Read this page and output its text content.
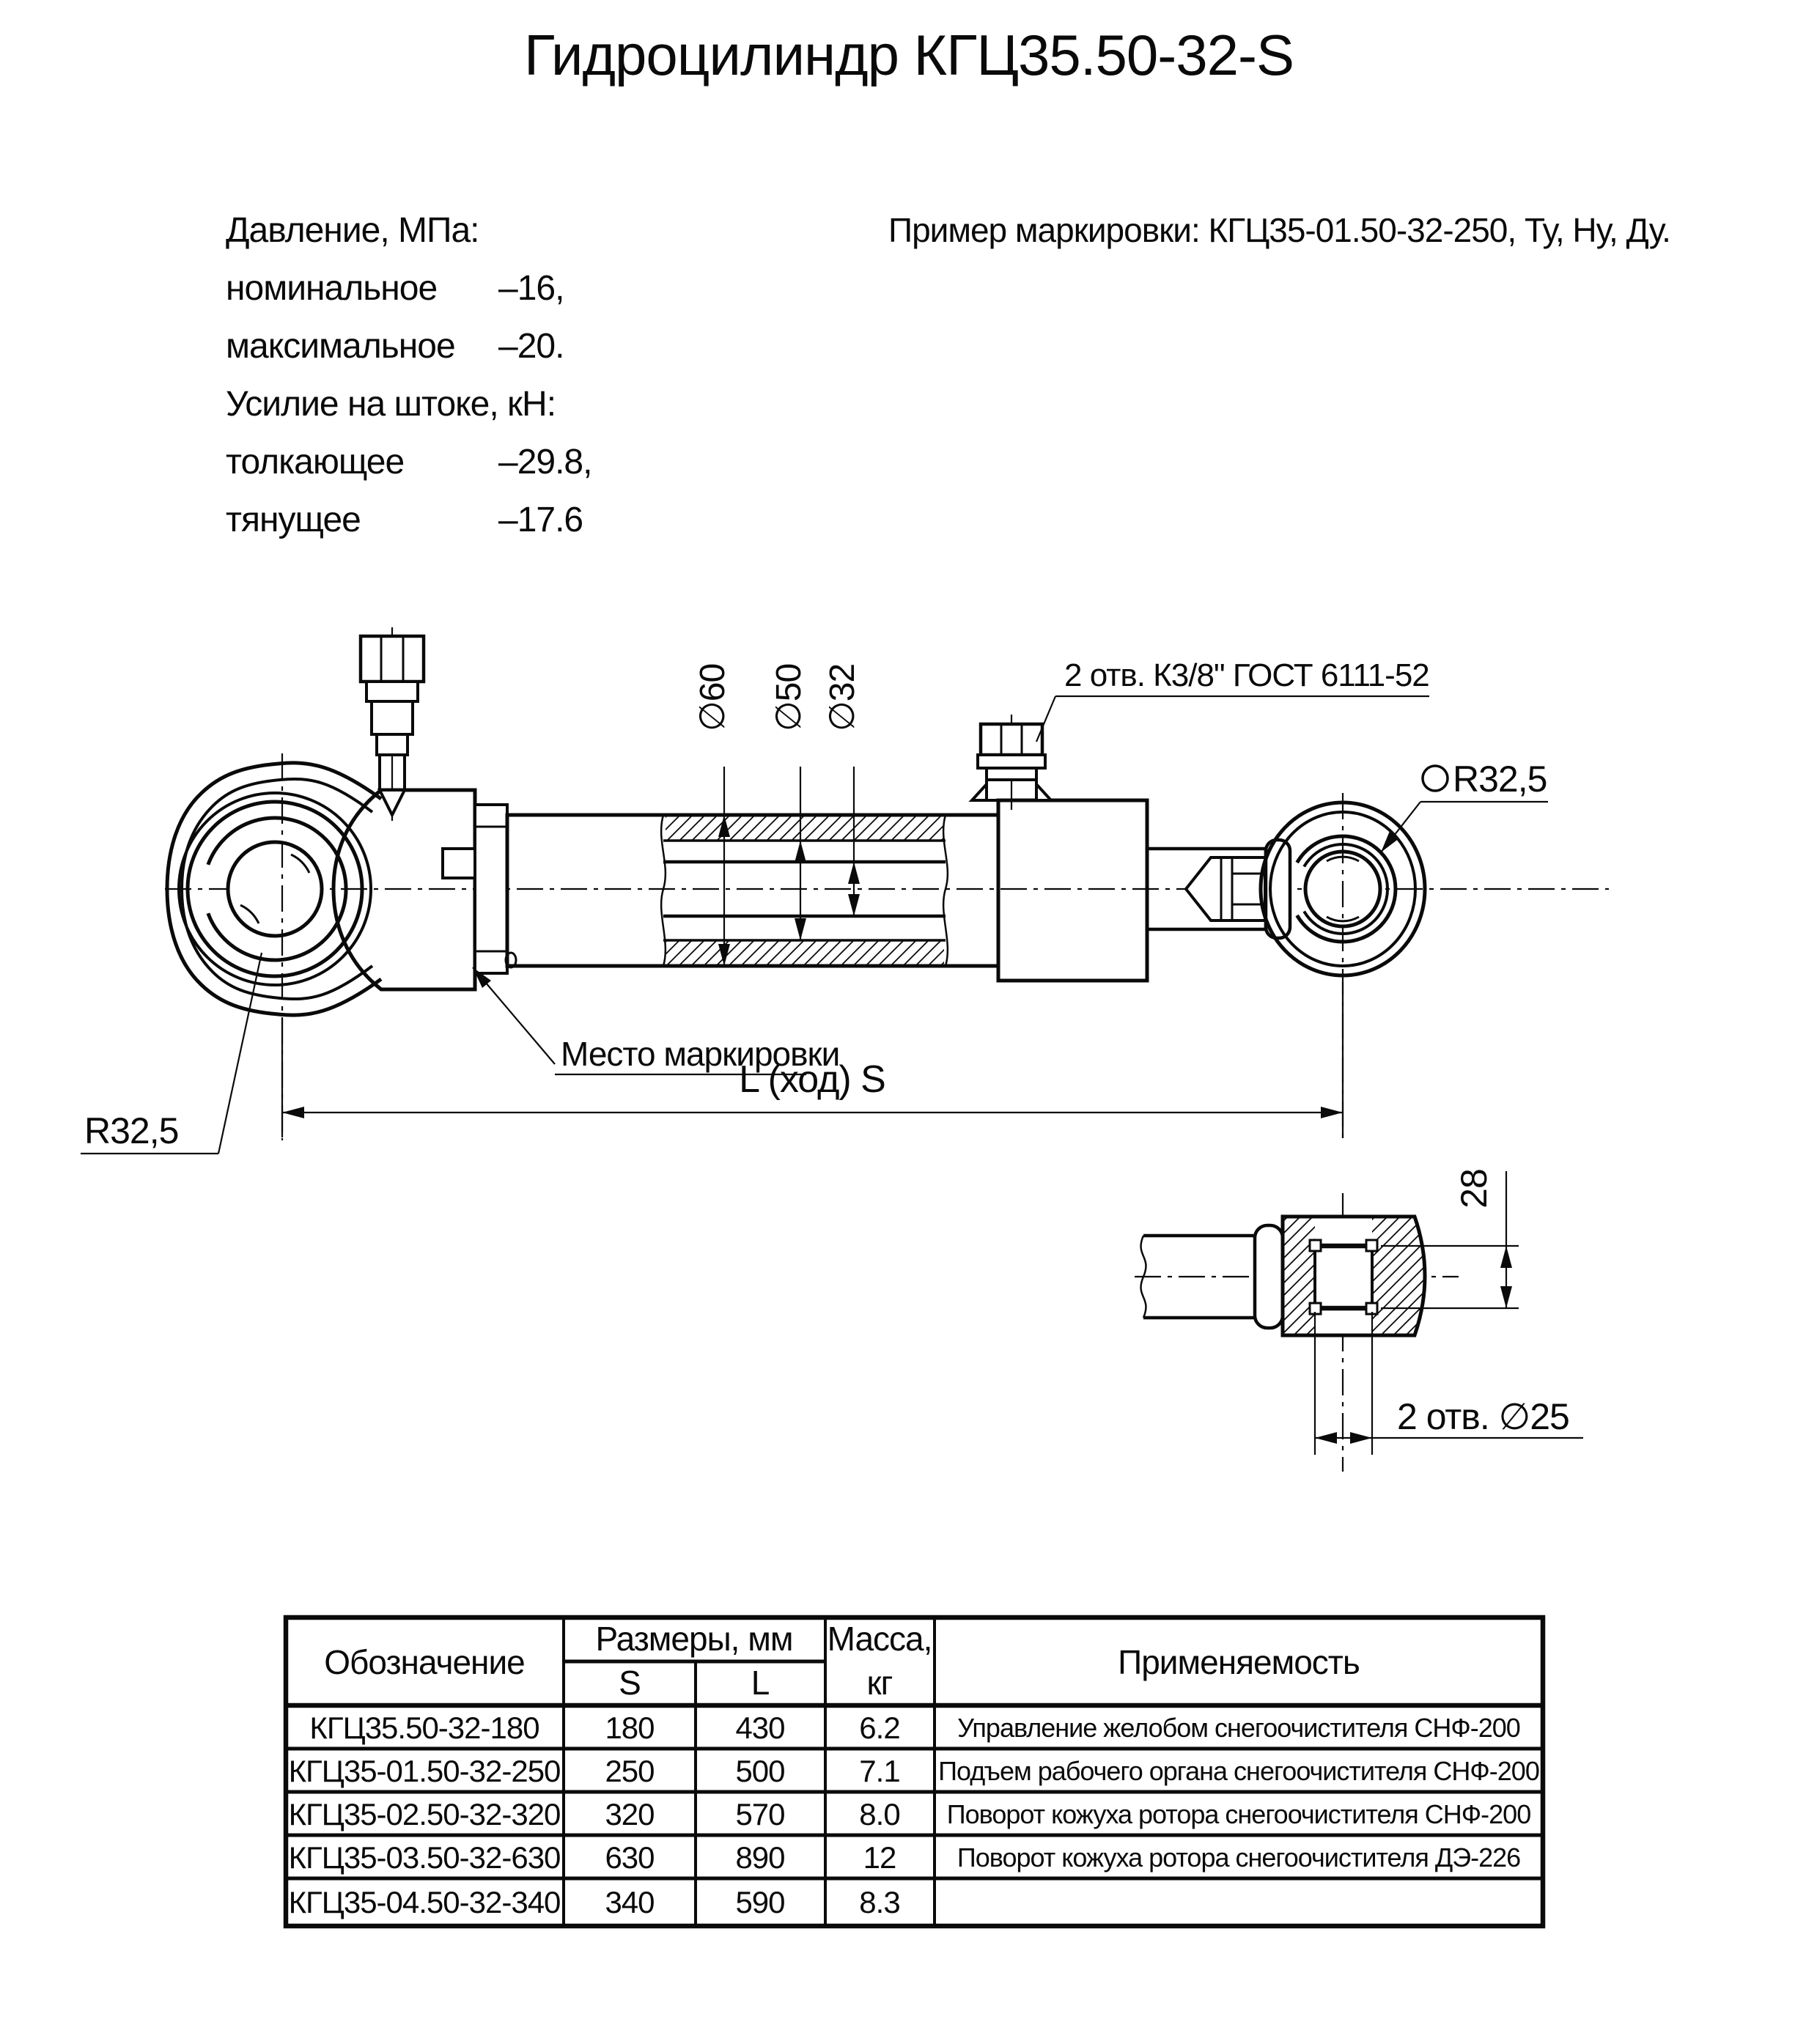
Гидроцилиндр КГЦ35.50-32-S
Давление, МПа:
номинальное –16,
максимальное –20.
Усилие на штоке, кН:
толкающее	–29.8,
тянущее	–17.6
Пример маркировки: КГЦ35-01.50-32-250, Ту, Ну, Ду.
R32,5
∅60 ∅50 ∅32	2 отв. К3/8" ГОСТ 6111-52
R32,5
Место маркировки
L (ход) S
28
2 отв. ∅25
Обозначение
Размеры, мм
S	L
Масса,
кг
Применяемость
КГЦ35.50-32-180 180	430 6.2 Управление желобом снегоочистителя СНФ-200
КГЦ35-01.50-32-250 250	500 7.1 Подъем рабочего органа снегоочистителя СНФ-200
КГЦ35-02.50-32-320 320	570 8.0 Поворот кожуха ротора снегоочистителя СНФ-200
КГЦ35-03.50-32-630 630	890	12 Поворот кожуха ротора снегоочистителя ДЭ-226
КГЦ35-04.50-32-340 340	590 8.3
